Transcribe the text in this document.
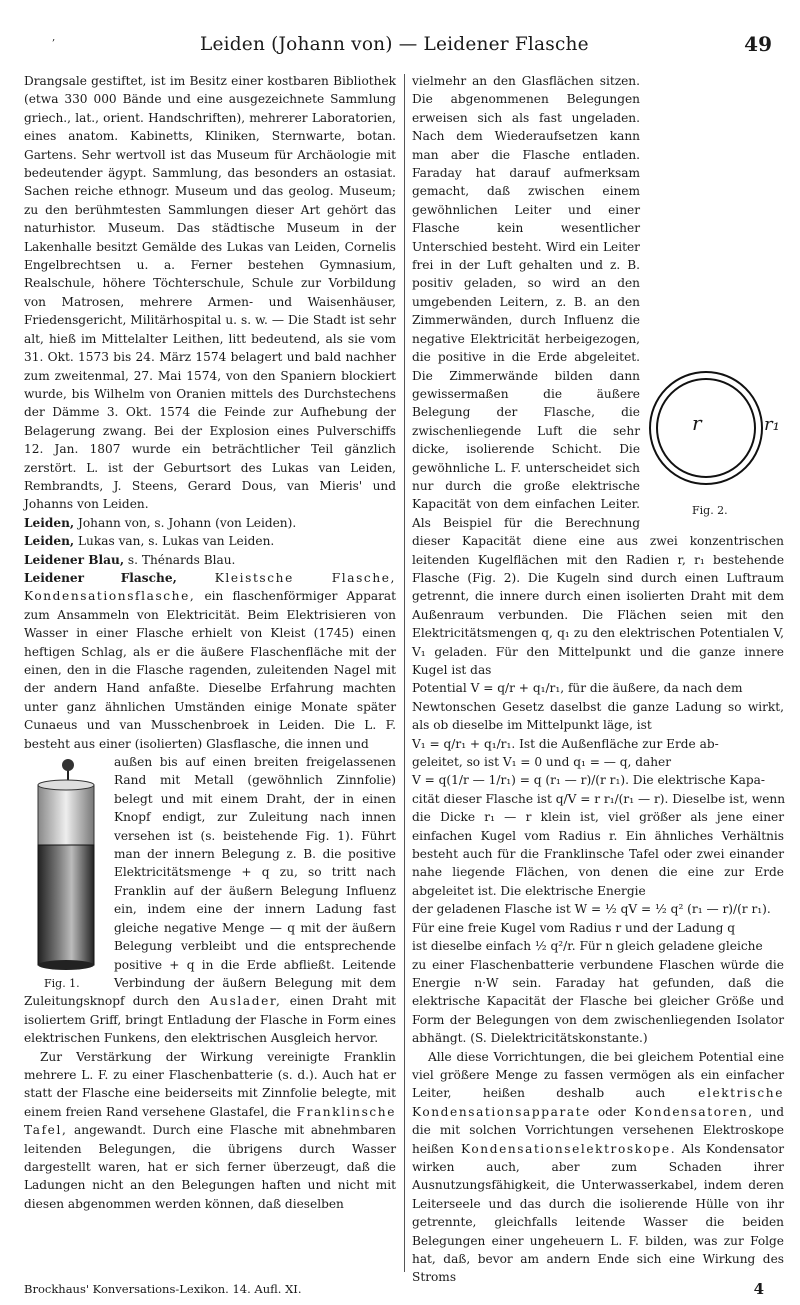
‚	Leiden (Johann von) — Leidener Flasche	49

Drangsale gestiftet, ist im Besitz einer kostbaren Bibliothek (etwa 330 000 Bände und eine ausgezeichnete Sammlung griech., lat., orient. Handschriften), mehrerer Laboratorien, eines anatom. Kabinetts, Kliniken, Sternwarte, botan. Gartens. Sehr wertvoll ist das Museum für Archäologie mit bedeutender ägypt. Sammlung, das besonders an ostasiat. Sachen reiche ethnogr. Museum und das geolog. Museum; zu den berühmtesten Sammlungen dieser Art gehört das naturhistor. Museum. Das städtische Museum in der Lakenhalle besitzt Gemälde des Lukas van Leiden, Cornelis Engelbrechtsen u. a. Ferner bestehen Gymnasium, Realschule, höhere Töchterschule, Schule zur Vorbildung von Matrosen, mehrere Armen- und Waisenhäuser, Friedensgericht, Militärhospital u. s. w. — Die Stadt ist sehr alt, hieß im Mittelalter Leithen, litt bedeutend, als sie vom 31. Okt. 1573 bis 24. März 1574 belagert und bald nachher zum zweitenmal, 27. Mai 1574, von den Spaniern blockiert wurde, bis Wilhelm von Oranien mittels des Durchstechens der Dämme 3. Okt. 1574 die Feinde zur Aufhebung der Belagerung zwang. Bei der Explosion eines Pulverschiffs 12. Jan. 1807 wurde ein beträchtlicher Teil gänzlich zerstört. L. ist der Geburtsort des Lukas van Leiden, Rembrandts, J. Steens, Gerard Dous, van Mieris' und Johanns von Leiden.

Leiden, Johann von, s. Johann (von Leiden).

Leiden, Lukas van, s. Lukas van Leiden.

Leidener Blau, s. Thénards Blau.

Leidener Flasche, Kleistsche Flasche, Kondensationsflasche, ein flaschenförmiger Apparat zum Ansammeln von Elektricität. Beim Elektrisieren von Wasser in einer Flasche erhielt von Kleist (1745) einen heftigen Schlag, als er die äußere Flaschenfläche mit der einen, den in die Flasche ragenden, zuleitenden Nagel mit der andern Hand anfaßte. Dieselbe Erfahrung machten unter ganz ähnlichen Umständen einige Monate später Cunaeus und van Musschenbroek in Leiden. Die L. F. besteht aus einer (isolierten) Glasflasche, die innen und

Fig. 1.

außen bis auf einen breiten freigelassenen Rand mit Metall (gewöhnlich Zinnfolie) belegt und mit einem Draht, der in einen Knopf endigt, zur Zuleitung nach innen versehen ist (s. beistehende Fig. 1). Führt man der innern Belegung z. B. die positive Elektricitätsmenge + q zu, so tritt nach Franklin auf der äußern Belegung Influenz ein, indem eine der innern Ladung fast gleiche negative Menge — q mit der äußern Belegung verbleibt und die entsprechende positive + q in die Erde abfließt. Leitende Verbindung der äußern Belegung mit dem Zuleitungsknopf durch den Auslader, einen Draht mit isoliertem Griff, bringt Entladung der Flasche in Form eines elektrischen Funkens, den elektrischen Ausgleich hervor.

Zur Verstärkung der Wirkung vereinigte Franklin mehrere L. F. zu einer Flaschenbatterie (s. d.). Auch hat er statt der Flasche eine beiderseits mit Zinnfolie belegte, mit einem freien Rand versehene Glastafel, die Franklinsche Tafel, angewandt. Durch eine Flasche mit abnehmbaren leitenden Belegungen, die übrigens durch Wasser dargestellt waren, hat er sich ferner überzeugt, daß die Ladungen nicht an den Belegungen haften und nicht mit diesen abgenommen werden können, daß dieselben

r	r₁
Fig. 2.

vielmehr an den Glasflächen sitzen. Die abgenommenen Belegungen erweisen sich als fast ungeladen. Nach dem Wiederaufsetzen kann man aber die Flasche entladen. Faraday hat darauf aufmerksam gemacht, daß zwischen einem gewöhnlichen Leiter und einer Flasche kein wesentlicher Unterschied besteht. Wird ein Leiter frei in der Luft gehalten und z. B. positiv geladen, so wird an den umgebenden Leitern, z. B. an den Zimmerwänden, durch Influenz die negative Elektricität herbeigezogen, die positive in die Erde abgeleitet. Die Zimmerwände bilden dann gewissermaßen die äußere Belegung der Flasche, die zwischenliegende Luft die sehr dicke, isolierende Schicht. Die gewöhnliche L. F. unterscheidet sich nur durch die große elektrische Kapacität von dem einfachen Leiter. Als Beispiel für die Berechnung dieser Kapacität diene eine aus zwei konzentrischen leitenden Kugelflächen mit den Radien r, r₁ bestehende Flasche (Fig. 2). Die Kugeln sind durch einen Luftraum getrennt, die innere durch einen isolierten Draht mit dem Außenraum verbunden. Die Flächen seien mit den Elektricitätsmengen q, q₁ zu den elektrischen Potentialen V, V₁ geladen. Für den Mittelpunkt und die ganze innere Kugel ist das

Potential V = q/r + q₁/r₁, für die äußere, da nach dem

Newtonschen Gesetz daselbst die ganze Ladung so wirkt, als ob dieselbe im Mittelpunkt läge, ist

V₁ = q/r₁ + q₁/r₁. Ist die Außenfläche zur Erde ab-

geleitet, so ist V₁ = 0 und q₁ = — q, daher

V = q(1/r — 1/r₁) = q (r₁ — r)/(r r₁). Die elektrische Kapa-

cität dieser Flasche ist q/V = r r₁/(r₁ — r). Dieselbe ist, wenn

die Dicke r₁ — r klein ist, viel größer als jene einer einfachen Kugel vom Radius r. Ein ähnliches Verhältnis besteht auch für die Franklinsche Tafel oder zwei einander nahe liegende Flächen, von denen die eine zur Erde abgeleitet ist. Die elektrische Energie

der geladenen Flasche ist W = ½ qV = ½ q² (r₁ — r)/(r r₁).

Für eine freie Kugel vom Radius r und der Ladung q

ist dieselbe einfach ½ q²/r. Für n gleich geladene gleiche

zu einer Flaschenbatterie verbundene Flaschen würde die Energie n·W sein. Faraday hat gefunden, daß die elektrische Kapacität der Flasche bei gleicher Größe und Form der Belegungen von dem zwischenliegenden Isolator abhängt. (S. Dielektricitätskonstante.)

Alle diese Vorrichtungen, die bei gleichem Potential eine viel größere Menge zu fassen vermögen als ein einfacher Leiter, heißen deshalb auch elektrische Kondensationsapparate oder Kondensatoren, und die mit solchen Vorrichtungen versehenen Elektroskope heißen Kondensationselektroskope. Als Kondensator wirken auch, aber zum Schaden ihrer Ausnutzungsfähigkeit, die Unterwasserkabel, indem deren Leiterseele und das durch die isolierende Hülle von ihr getrennte, gleichfalls leitende Wasser die beiden Belegungen einer ungeheuern L. F. bilden, was zur Folge hat, daß, bevor am andern Ende sich eine Wirkung des Stroms

Brockhaus' Konversations-Lexikon. 14. Aufl. XI.	4
